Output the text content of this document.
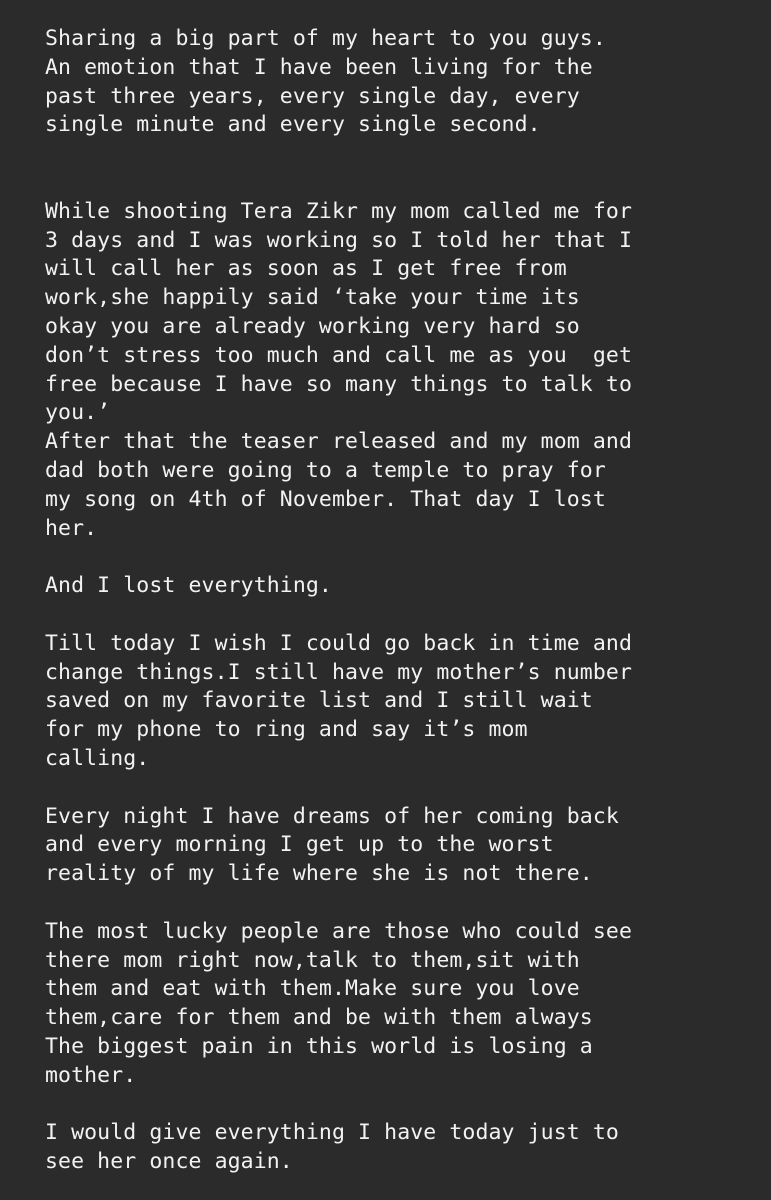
Sharing a big part of my heart to you guys.
An emotion that I have been living for the
past three years, every single day, every
single minute and every single second.
While shooting Tera Zikr my mom called me for
3 days and I was working so I told her that I
will call her as soon as I get free from
work,she happily said ‘take your time its
okay you are already working very hard so
don’t stress too much and call me as you  get
free because I have so many things to talk to
you.’
After that the teaser released and my mom and
dad both were going to a temple to pray for
my song on 4th of November. That day I lost
her.
And I lost everything.
Till today I wish I could go back in time and
change things.I still have my mother’s number
saved on my favorite list and I still wait
for my phone to ring and say it’s mom
calling.
Every night I have dreams of her coming back
and every morning I get up to the worst
reality of my life where she is not there.
The most lucky people are those who could see
there mom right now,talk to them,sit with
them and eat with them.Make sure you love
them,care for them and be with them always
The biggest pain in this world is losing a
mother.
I would give everything I have today just to
see her once again.
